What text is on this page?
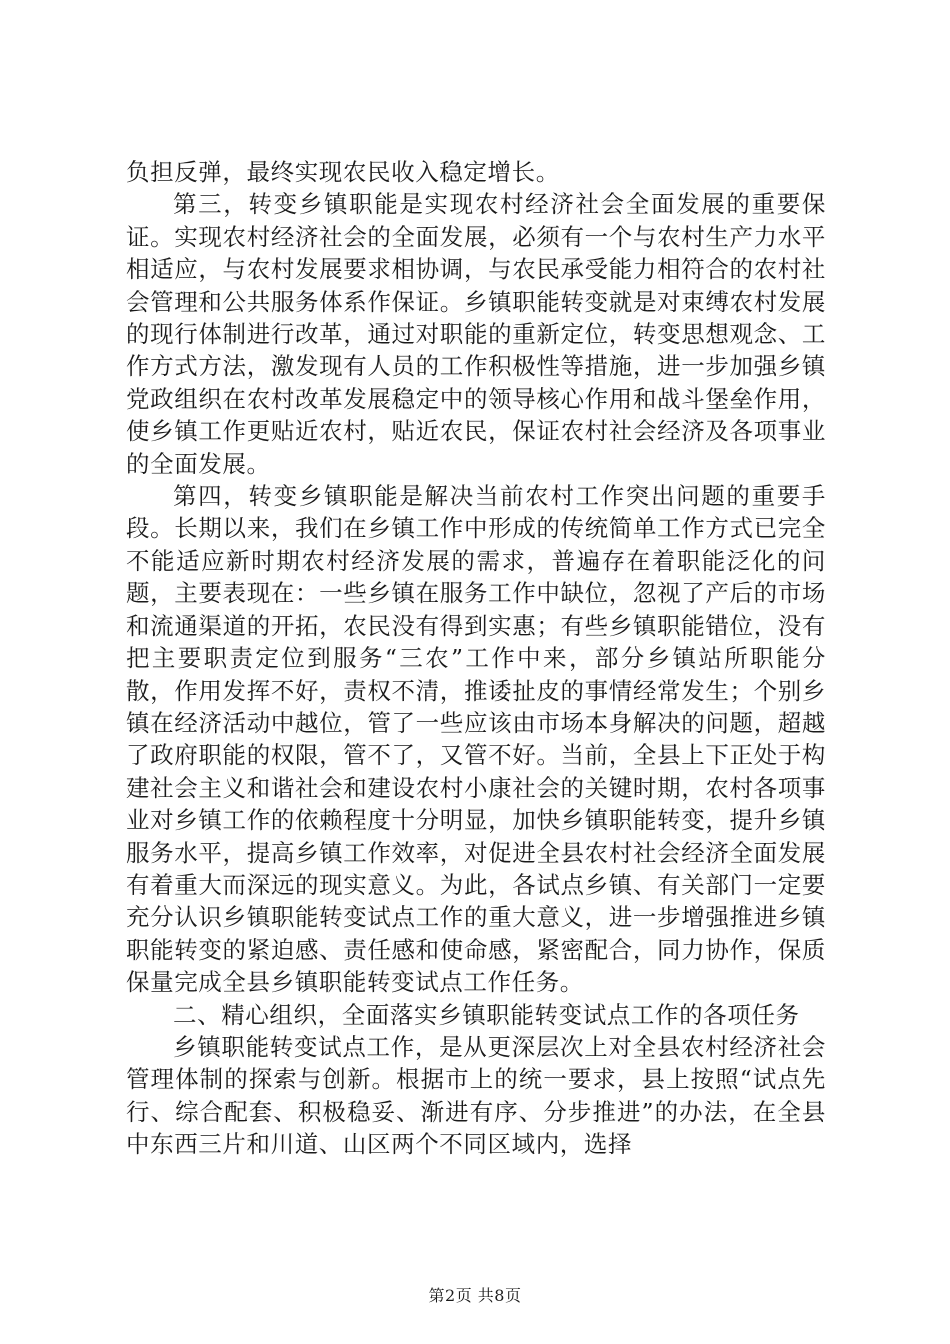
负担反弹，最终实现农民收入稳定增长。

第三，转变乡镇职能是实现农村经济社会全面发展的重要保证。实现农村经济社会的全面发展，必须有一个与农村生产力水平相适应，与农村发展要求相协调，与农民承受能力相符合的农村社会管理和公共服务体系作保证。乡镇职能转变就是对束缚农村发展的现行体制进行改革，通过对职能的重新定位，转变思想观念、工作方式方法，激发现有人员的工作积极性等措施，进一步加强乡镇党政组织在农村改革发展稳定中的领导核心作用和战斗堡垒作用，使乡镇工作更贴近农村，贴近农民，保证农村社会经济及各项事业的全面发展。

第四，转变乡镇职能是解决当前农村工作突出问题的重要手段。长期以来，我们在乡镇工作中形成的传统简单工作方式已完全不能适应新时期农村经济发展的需求，普遍存在着职能泛化的问题，主要表现在：一些乡镇在服务工作中缺位，忽视了产后的市场和流通渠道的开拓，农民没有得到实惠；有些乡镇职能错位，没有把主要职责定位到服务“三农”工作中来，部分乡镇站所职能分散，作用发挥不好，责权不清，推诿扯皮的事情经常发生；个别乡镇在经济活动中越位，管了一些应该由市场本身解决的问题，超越了政府职能的权限，管不了，又管不好。当前，全县上下正处于构建社会主义和谐社会和建设农村小康社会的关键时期，农村各项事业对乡镇工作的依赖程度十分明显，加快乡镇职能转变，提升乡镇服务水平，提高乡镇工作效率，对促进全县农村社会经济全面发展有着重大而深远的现实意义。为此，各试点乡镇、有关部门一定要充分认识乡镇职能转变试点工作的重大意义，进一步增强推进乡镇职能转变的紧迫感、责任感和使命感，紧密配合，同力协作，保质保量完成全县乡镇职能转变试点工作任务。

二、精心组织，全面落实乡镇职能转变试点工作的各项任务

乡镇职能转变试点工作，是从更深层次上对全县农村经济社会管理体制的探索与创新。根据市上的统一要求，县上按照“试点先行、综合配套、积极稳妥、渐进有序、分步推进”的办法，在全县中东西三片和川道、山区两个不同区域内，选择

第2页 共8页
